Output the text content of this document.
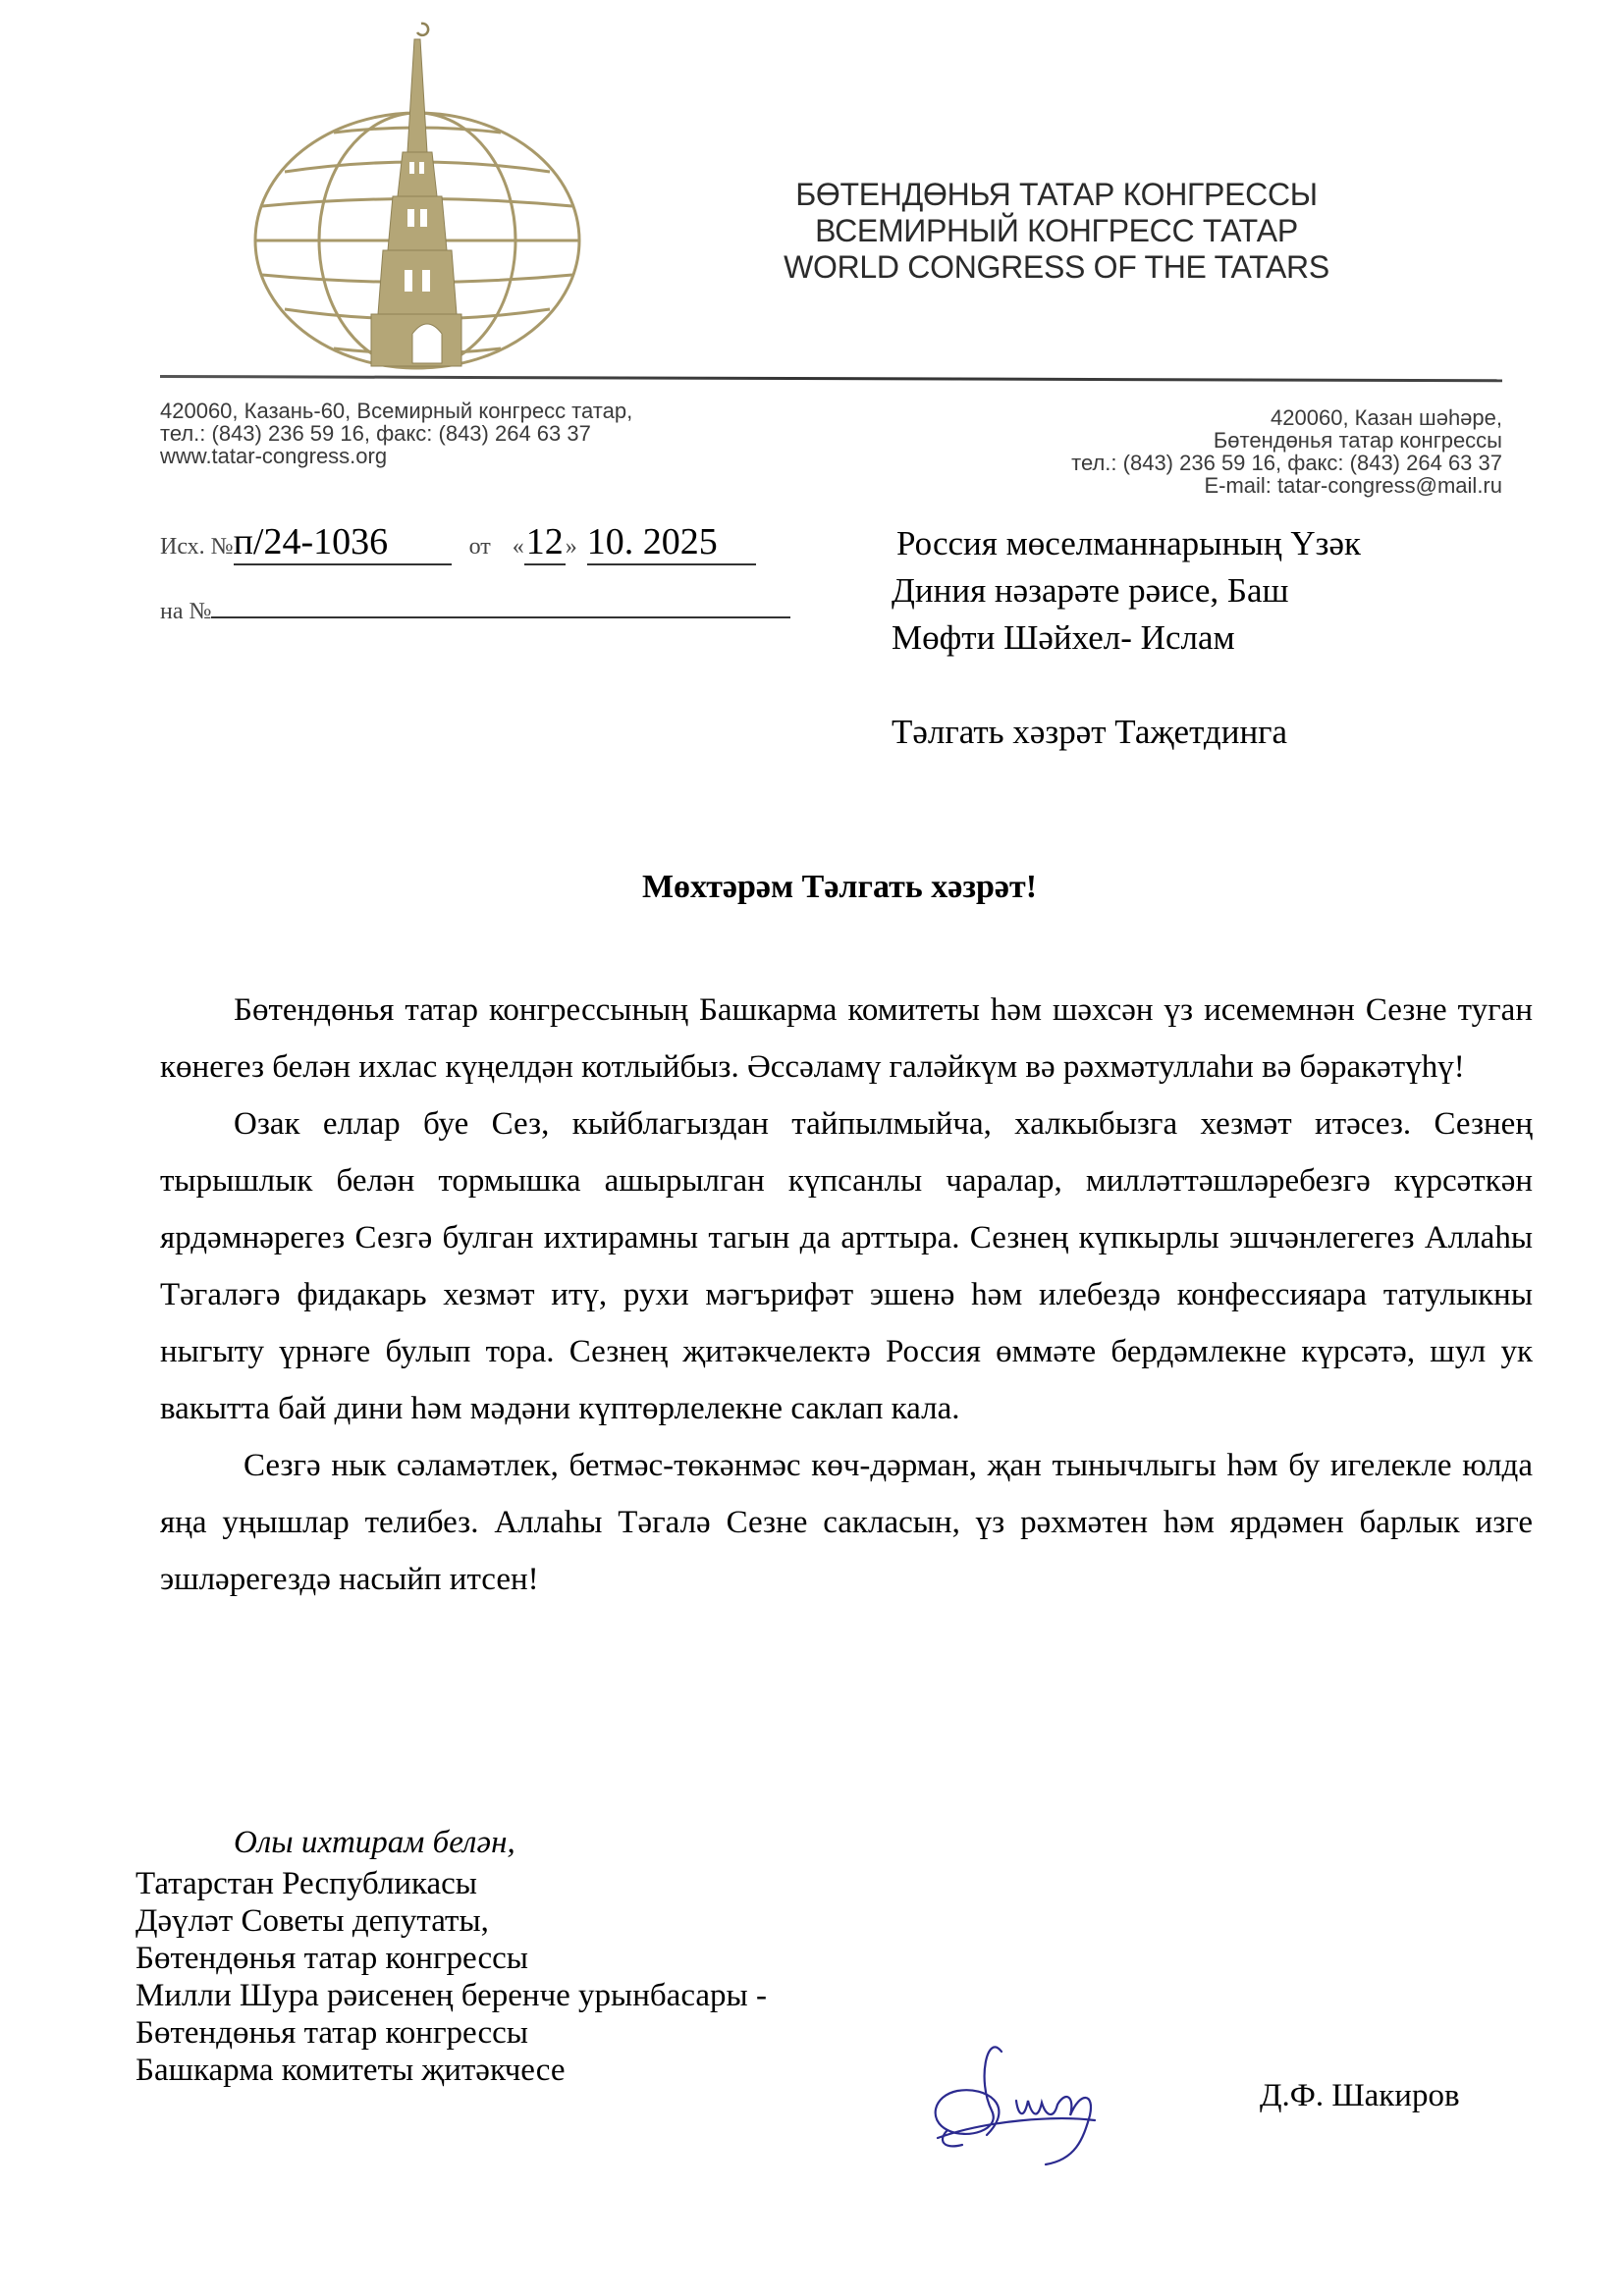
БӨТЕНДӨНЬЯ ТАТАР КОНГРЕССЫ
ВСЕМИРНЫЙ КОНГРЕСС ТАТАР
WORLD CONGRESS OF THE TATARS
420060, Казань-60, Всемирный конгресс татар,
тел.: (843) 236 59 16, факс: (843) 264 63 37
www.tatar-congress.org
420060, Казан шәһәре,
Бөтендөнья татар конгрессы
тел.: (843) 236 59 16, факс: (843) 264 63 37
E-mail: tatar-congress@mail.ru
Исх. №п/24-1036	от «12» 10. 2025
на №
Россия мөселманнарының Үзәк
Диния нәзарәте рәисе, Баш
Мөфти Шәйхел- Ислам
Тәлгать хәзрәт Таҗетдинга
Мөхтәрәм Тәлгать хәзрәт!

Бөтендөнья татар конгрессының Башкарма комитеты һәм шәхсән үз исемемнән Сезне туган көнегез белән ихлас күңелдән котлыйбыз. Әссәламү галәйкүм вә рәхмәтуллаһи вә бәракәтүһү!

Озак еллар буе Сез, кыйблагыздан тайпылмыйча, халкыбызга хезмәт итәсез. Сезнең тырышлык белән тормышка ашырылган күпсанлы чаралар, милләттәшләребезгә күрсәткән ярдәмнәрегез Сезгә булган ихтирамны тагын да арттыра. Сезнең күпкырлы эшчәнлегегез Аллаһы Тәгаләгә фидакарь хезмәт итү, рухи мәгърифәт эшенә һәм илебездә конфессияара татулыкны ныгыту үрнәге булып тора. Сезнең җитәкчелектә Россия өммәте бердәмлекне күрсәтә, шул ук вакытта бай дини һәм мәдәни күптөрлелекне саклап кала.

Сезгә нык сәламәтлек, бетмәс-төкәнмәс көч-дәрман, җан тынычлыгы һәм бу игелекле юлда яңа уңышлар телибез. Аллаһы Тәгалә Сезне сакласын, үз рәхмәтен һәм ярдәмен барлык изге эшләрегездә насыйп итсен!

Олы ихтирам белән,
Татарстан Республикасы
Дәүләт Советы депутаты,
Бөтендөнья татар конгрессы
Милли Шура рәисенең беренче урынбасары -
Бөтендөнья татар конгрессы
Башкарма комитеты җитәкчесе
Д.Ф. Шакиров
